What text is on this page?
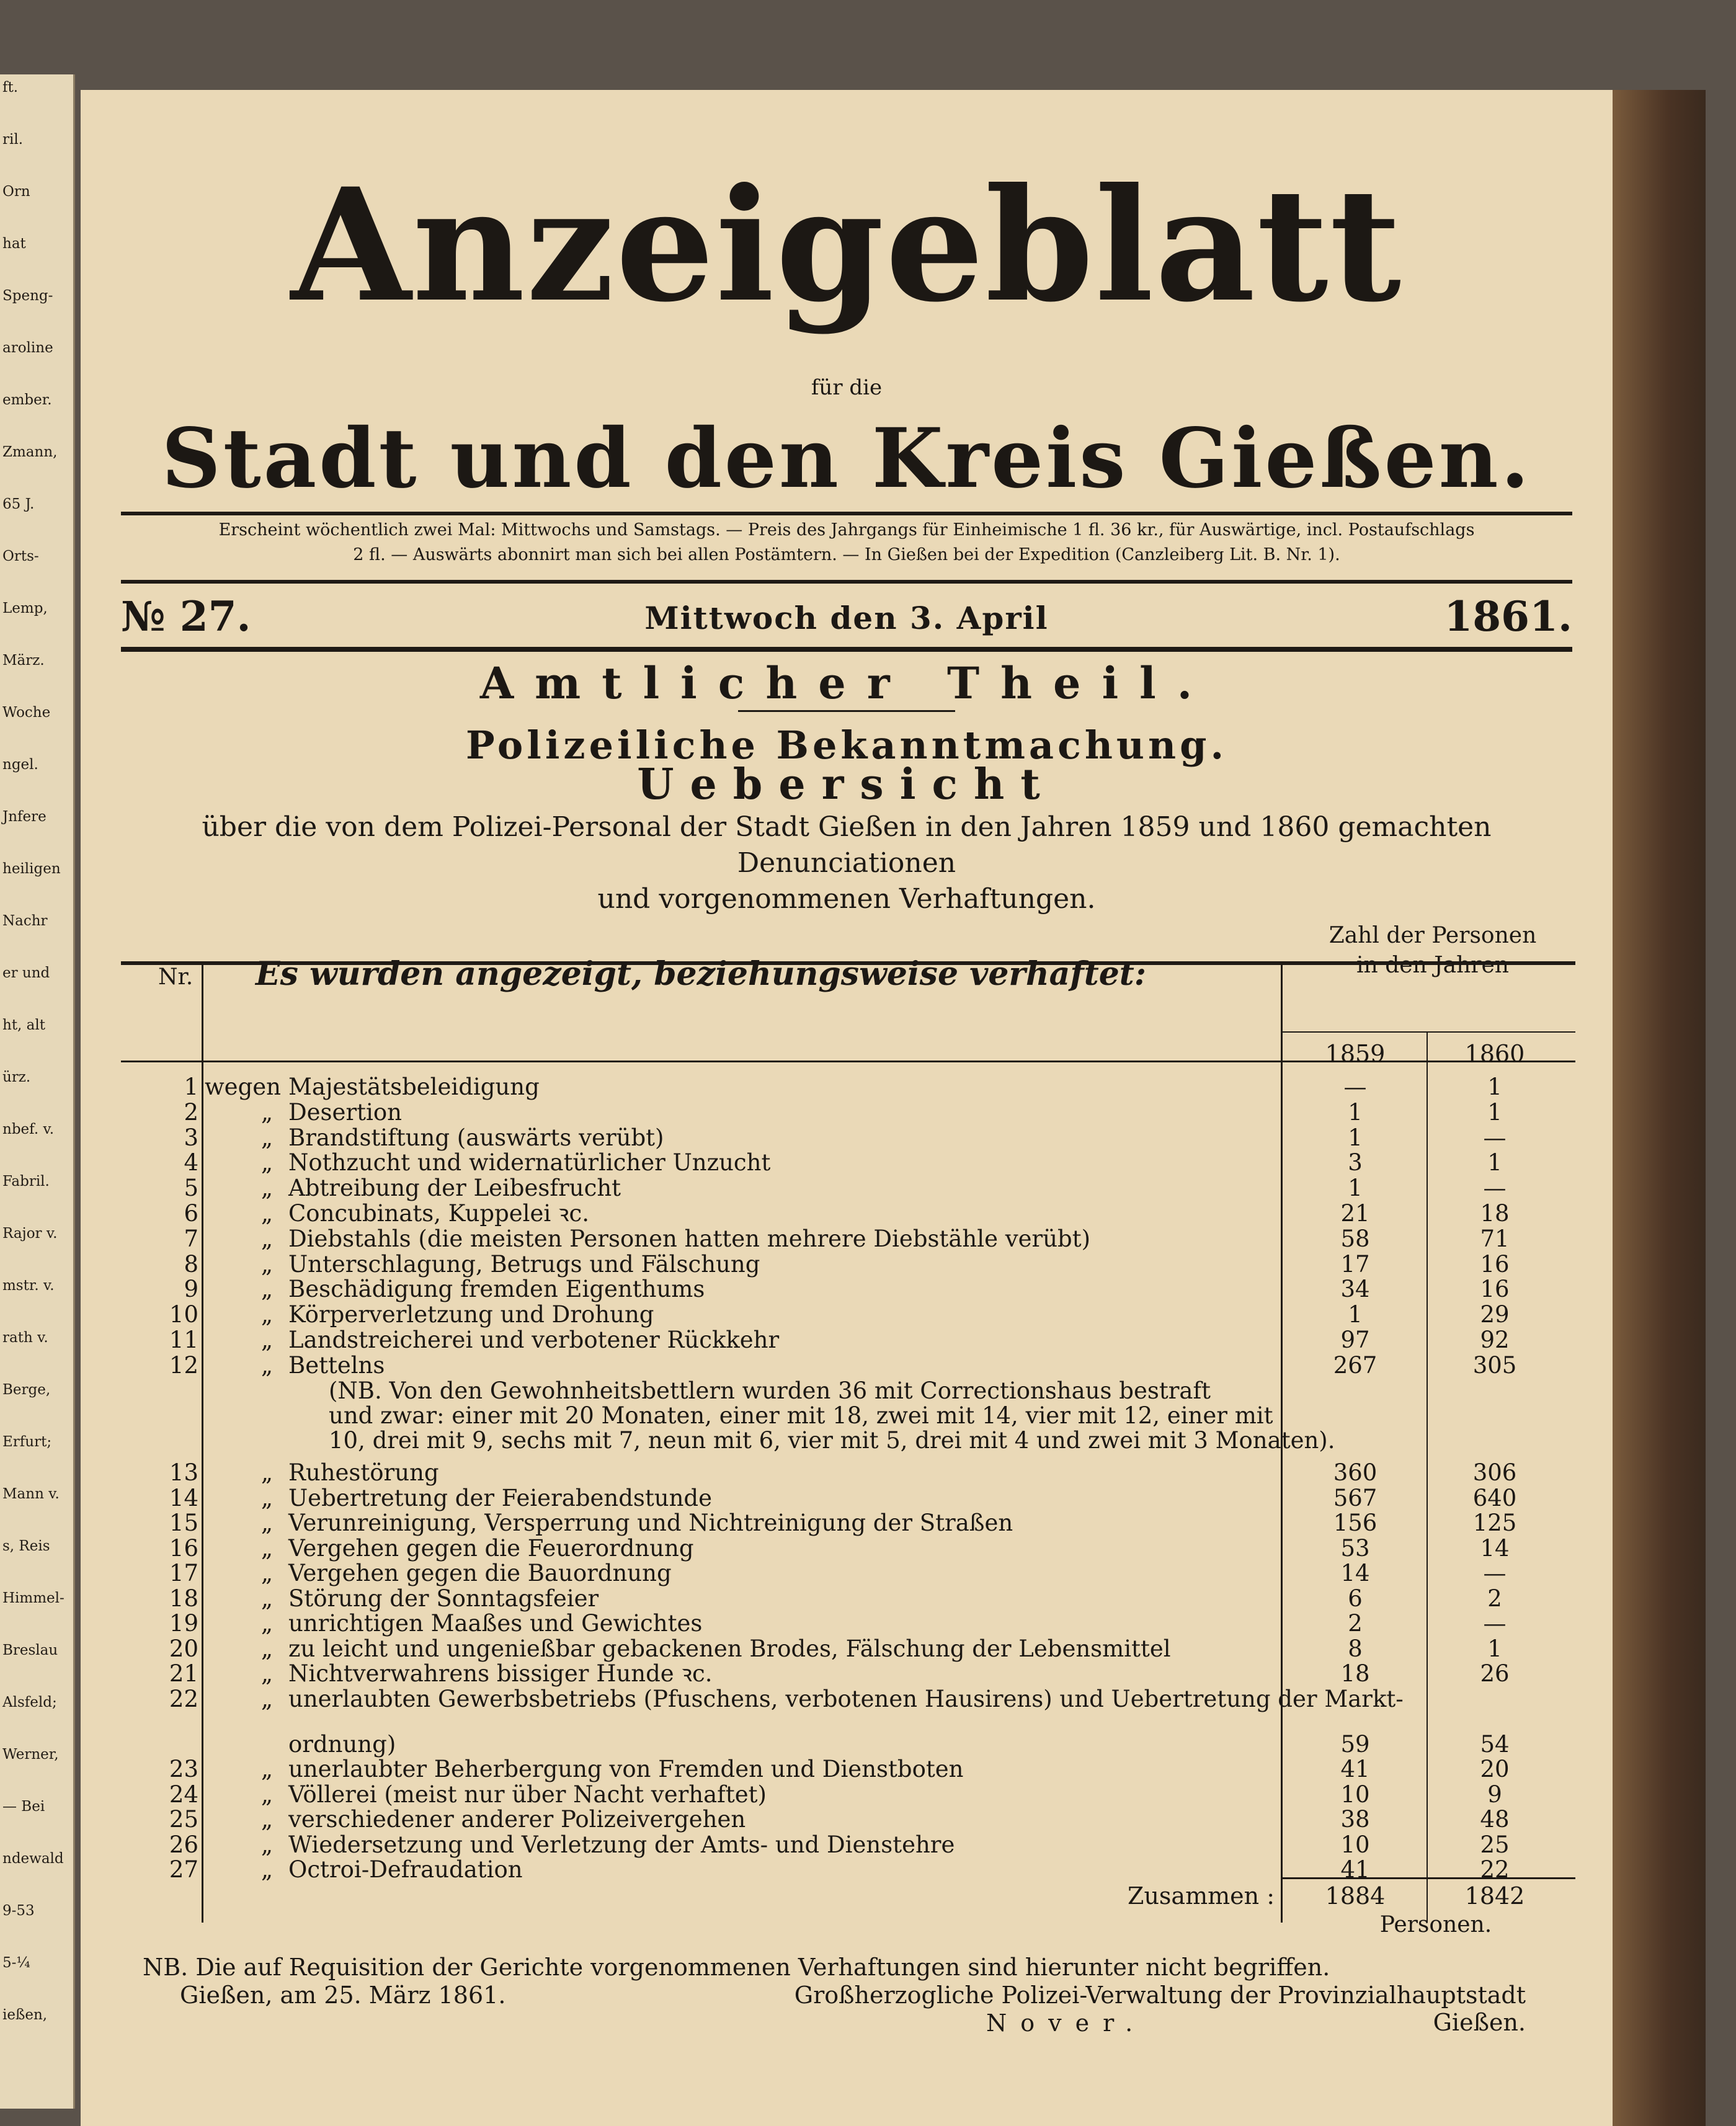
ft.
ril.
Orn
hat
Speng-
aroline
ember.
Zmann,
65 J.
Orts-
Lemp,
März.
Woche
ngel.
Jnfere
heiligen
Nachr
er und
ht, alt
ürz.
nbef. v.
Fabril.
Rajor v.
mstr. v.
rath v.
Berge,
Erfurt;
Mann v.
s, Reis
Himmel-
Breslau
Alsfeld;
Werner,
— Bei
ndewald
9-53
5-¼
ießen,
Anzeigeblatt
für die
Stadt und den Kreis Gießen.
Erscheint wöchentlich zwei Mal: Mittwochs und Samstags. — Preis des Jahrgangs für Einheimische 1 fl. 36 kr., für Auswärtige, incl. Postaufschlags
2 fl. — Auswärts abonnirt man sich bei allen Postämtern. — In Gießen bei der Expedition (Canzleiberg Lit. B. Nr. 1).
№ 27.	Mittwoch den 3. April	1861.
Amtlicher Theil.
Polizeiliche Bekanntmachung.
Uebersicht
über die von dem Polizei-Personal der Stadt Gießen in den Jahren 1859 und 1860 gemachten Denunciationen
und vorgenommenen Verhaftungen.
Nr.	Es wurden angezeigt, beziehungsweise verhaftet:
Zahl der Personen
in den Jahren
1859	1860
1 wegen Majestätsbeleidigung	—	1
2	„ Desertion	1	1
3	„ Brandstiftung (auswärts verübt)	1	—
4	„ Nothzucht und widernatürlicher Unzucht	3	1
5	„ Abtreibung der Leibesfrucht	1	—
6	„ Concubinats, Kuppelei ꝛc.	21	18
7	„ Diebstahls (die meisten Personen hatten mehrere Diebstähle verübt)	58	71
8	„ Unterschlagung, Betrugs und Fälschung	17	16
9	„ Beschädigung fremden Eigenthums	34	16
10	„ Körperverletzung und Drohung	1	29
11	„ Landstreicherei und verbotener Rückkehr	97	92
12	„ Bettelns	267	305
(NB. Von den Gewohnheitsbettlern wurden 36 mit Correctionshaus bestraft
und zwar: einer mit 20 Monaten, einer mit 18, zwei mit 14, vier mit 12, einer mit
10, drei mit 9, sechs mit 7, neun mit 6, vier mit 5, drei mit 4 und zwei mit 3 Monaten).
13	„ Ruhestörung	360	306
14	„ Uebertretung der Feierabendstunde	567	640
15	„ Verunreinigung, Versperrung und Nichtreinigung der Straßen	156	125
16	„ Vergehen gegen die Feuerordnung	53	14
17	„ Vergehen gegen die Bauordnung	14	—
18	„ Störung der Sonntagsfeier	6	2
19	„ unrichtigen Maaßes und Gewichtes	2	—
20	„ zu leicht und ungenießbar gebackenen Brodes, Fälschung der Lebensmittel	8	1
21	„ Nichtverwahrens bissiger Hunde ꝛc.	18	26
22	„ unerlaubten Gewerbsbetriebs (Pfuschens, verbotenen Hausirens) und Uebertretung der Markt-
ordnung)	59	54
23	„ unerlaubter Beherbergung von Fremden und Dienstboten	41	20
24	„ Völlerei (meist nur über Nacht verhaftet)	10	9
25	„ verschiedener anderer Polizeivergehen	38	48
26	„ Wiedersetzung und Verletzung der Amts- und Dienstehre	10	25
27	„ Octroi-Defraudation	41	22
Zusammen :	1884	1842
Personen.
NB. Die auf Requisition der Gerichte vorgenommenen Verhaftungen sind hierunter nicht begriffen.
Gießen, am 25. März 1861.	Großherzogliche Polizei-Verwaltung der Provinzialhauptstadt Gießen.
Nover.
